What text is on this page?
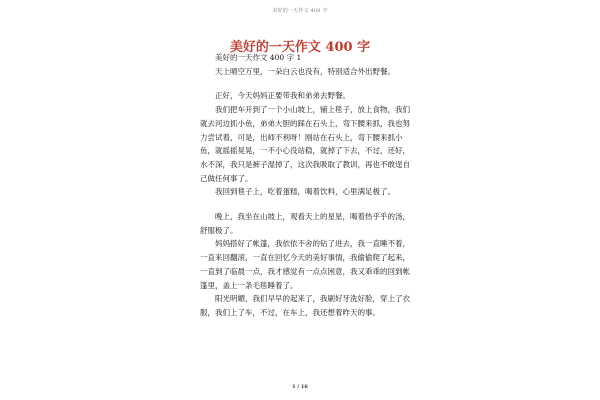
美好的一天作文 400 字
美好的一天作文 400 字

美好的一天作文 400 字 1

天上晴空万里，一朵白云也没有，特别适合外出野餐。

正好，今天妈妈正要带我和弟弟去野餐。

我们把车开到了一个小山坡上，铺上毯子，放上食物，我们就去河边抓小鱼，弟弟大胆的踩在石头上，弯下腰来抓，我也努力尝试着，可是，出师不利呀！刚站在石头上，弯下腰来抓小鱼，就摇摇晃晃，一不小心没站稳，就掉了下去，不过，还好，水不深，我只是裤子湿掉了，这次我吸取了教训，再也不敢逞自己做任何事了。

我回到毯子上，吃着蛋糕，喝着饮料，心里满足极了。

晚上，我坐在山坡上，观看天上的星星，喝着热乎乎的汤，舒服极了。

妈妈搭好了帐篷，我依依不舍的钻了进去，我一直睡不着，一直来回翻滚，一直在回忆今天的美好事情，我偷偷爬了起来，一直到了临晨一点，我才感觉有一点点困意，我又乖乖的回到帐篷里，盖上一条毛毯睡着了。

阳光明媚，我们早早的起来了，我刷好牙洗好脸，穿上了衣服，我们上了车，不过，在车上，我还想着昨天的事。

1 / 16
